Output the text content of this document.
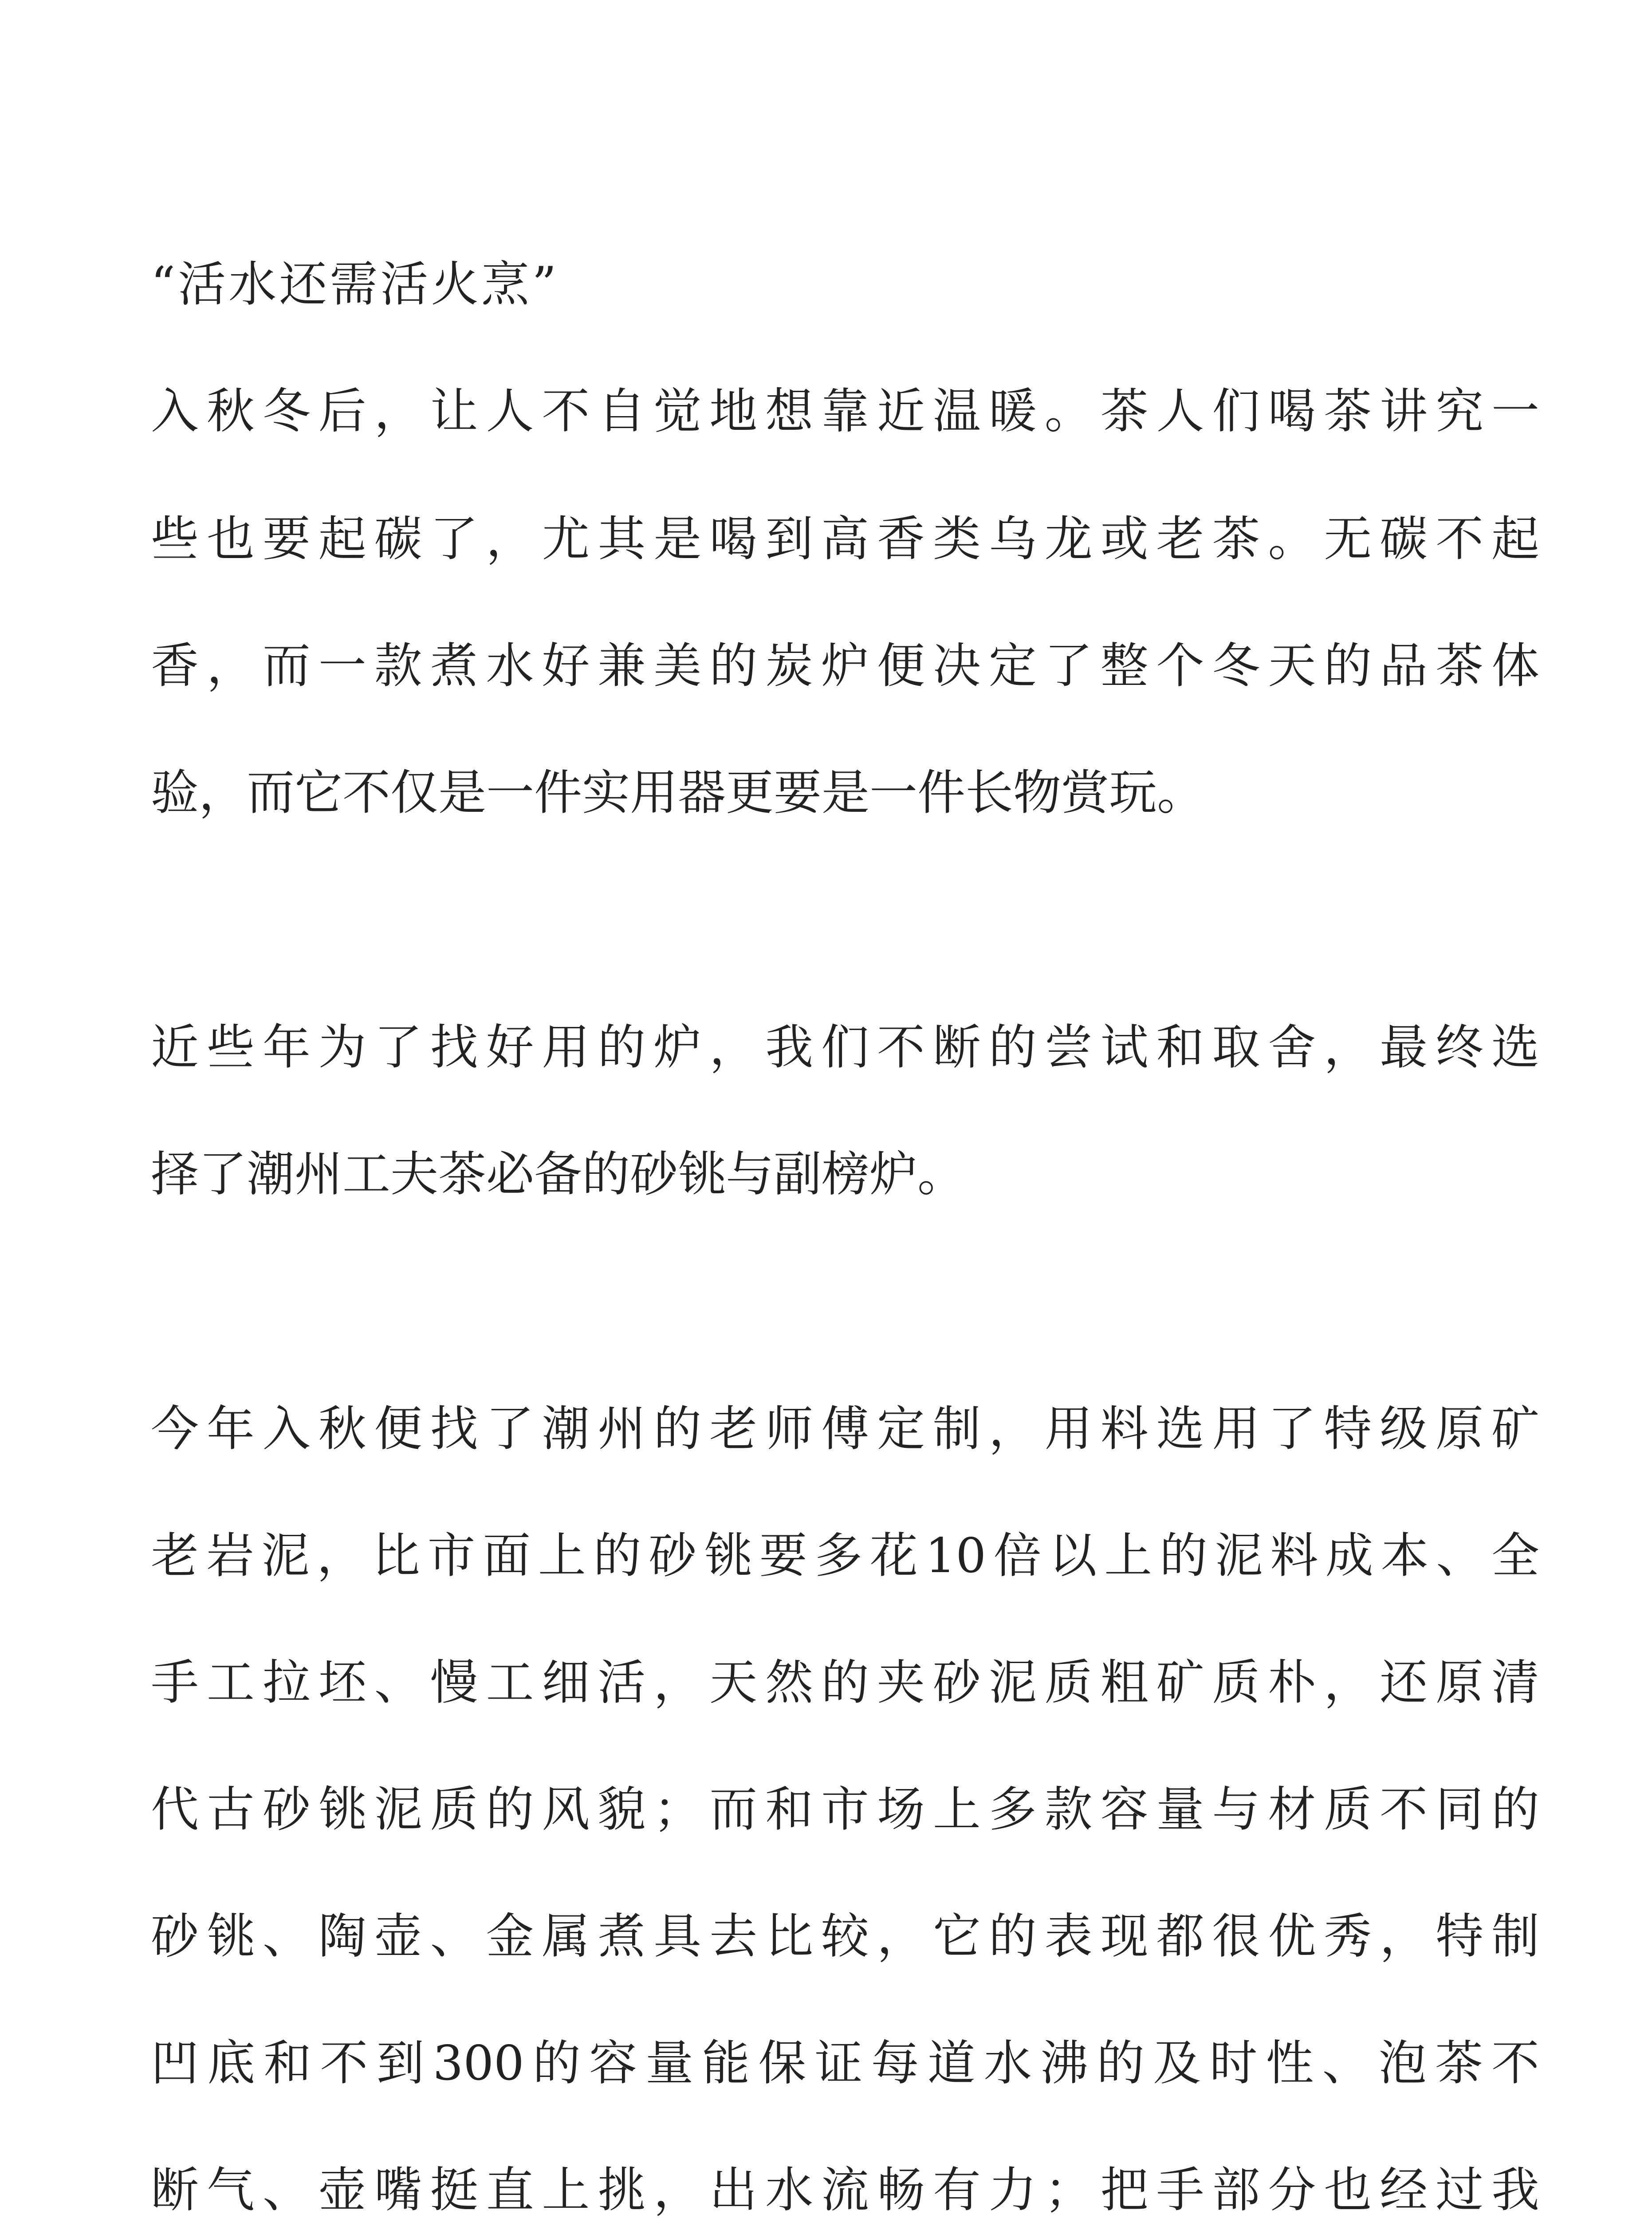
“活水还需活火烹”

入秋冬后，让人不自觉地想靠近温暖。茶人们喝茶讲究一

些也要起碳了，尤其是喝到高香类乌龙或老茶。无碳不起

香，而一款煮水好兼美的炭炉便决定了整个冬天的品茶体

验，而它不仅是一件实用器更要是一件长物赏玩。

近些年为了找好用的炉，我们不断的尝试和取舍，最终选

择了潮州工夫茶必备的砂铫与副榜炉。

今年入秋便找了潮州的老师傅定制，用料选用了特级原矿

老岩泥，比市面上的砂铫要多花10倍以上的泥料成本、全

手工拉坯、慢工细活，天然的夹砂泥质粗矿质朴，还原清

代古砂铫泥质的风貌；而和市场上多款容量与材质不同的

砂铫、陶壶、金属煮具去比较，它的表现都很优秀，特制

凹底和不到300的容量能保证每道水沸的及时性、泡茶不

断气、壶嘴挺直上挑，出水流畅有力；把手部分也经过我
